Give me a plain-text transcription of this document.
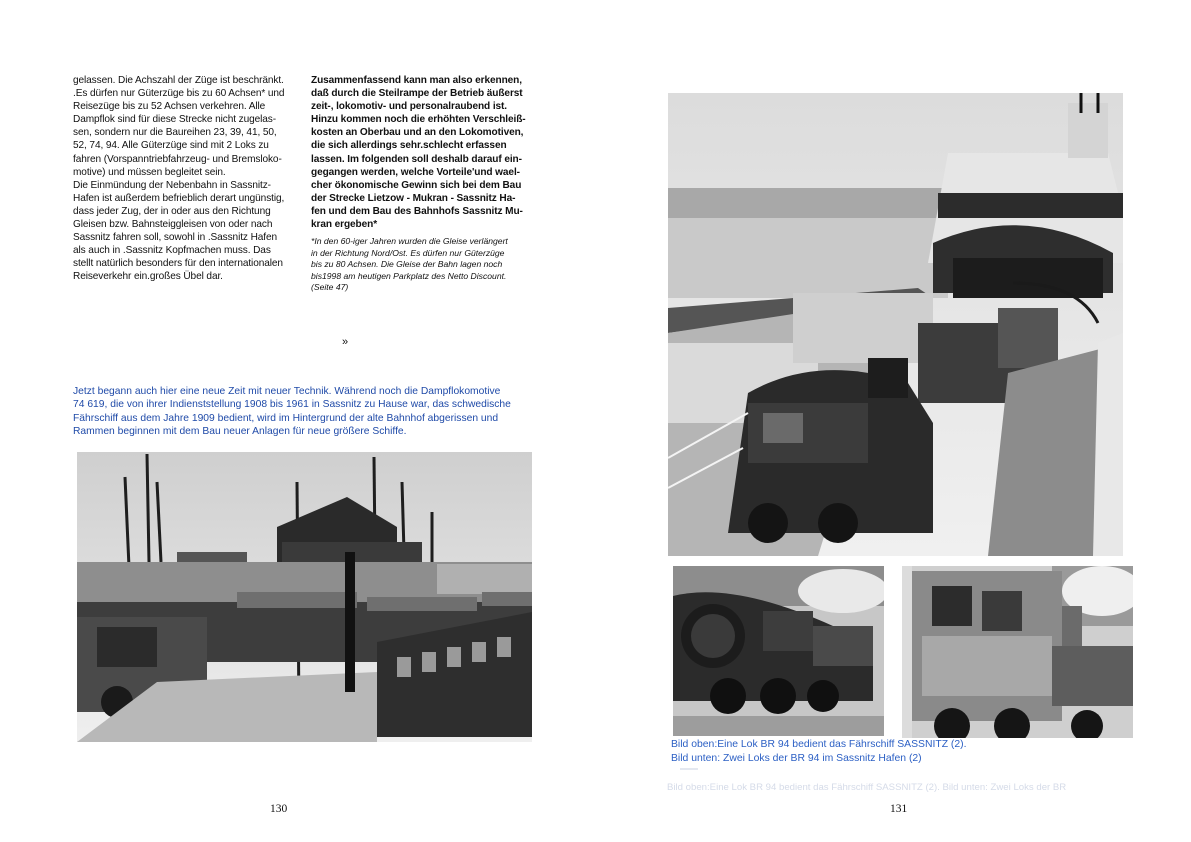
gelassen. Die Achszahl der Züge ist beschränkt.
.Es dürfen nur Güterzüge bis zu 60 Achsen* und
Reisezüge bis zu 52 Achsen verkehren. Alle
Dampflok sind für diese Strecke nicht zugelas-
sen, sondern nur die Baureihen 23, 39, 41, 50,
52, 74, 94. Alle Güterzüge sind mit 2 Loks zu
fahren (Vorspanntriebfahrzeug- und Bremsloko-
motive) und müssen begleitet sein.
Die Einmündung der Nebenbahn in Sassnitz-
Hafen ist außerdem befrieblich derart ungünstig,
dass jeder Zug, der in oder aus den Richtung
Gleisen bzw. Bahnsteiggleisen von oder nach
Sassnitz fahren soll, sowohl in .Sassnitz Hafen
als auch in .Sassnitz Kopfmachen muss. Das
stellt natürlich besonders für den internationalen
Reiseverkehr ein.großes Übel dar.
Zusammenfassend kann man also erkennen,
daß durch die Steilrampe der Betrieb äußerst
zeit-, lokomotiv- und personalraubend ist.
Hinzu kommen noch die erhöhten Verschleiß-
kosten an Oberbau und an den Lokomotiven,
die sich allerdings sehr.schlecht erfassen
lassen. Im folgenden soll deshalb darauf ein-
gegangen werden, welche Vorteile'und wael-
cher ökonomische Gewinn sich bei dem Bau
der Strecke Lietzow - Mukran - Sassnitz Ha-
fen und dem Bau des Bahnhofs Sassnitz Mu-
kran ergeben*
*In den 60-iger Jahren wurden die Gleise verlängert
in der Richtung Nord/Ost. Es dürfen nur Güterzüge
bis zu 80 Achsen. Die Gleise der Bahn lagen noch
bis1998 am heutigen Parkplatz des Netto Discount.
(Seite 47)
»
Jetzt begann auch hier eine neue Zeit mit neuer Technik. Während noch die Dampflokomotive
74 619, die von ihrer Indienststellung 1908 bis 1961 in Sassnitz zu Hause war, das schwedische
Fährschiff aus dem Jahre 1909 bedient, wird im Hintergrund der alte Bahnhof abgerissen und
Rammen beginnen mit dem Bau neuer Anlagen für neue größere Schiffe.
130
Bild oben:Eine Lok BR 94 bedient das Fährschiff SASSNITZ (2).
Bild unten: Zwei Loks der BR 94 im Sassnitz Hafen (2)
Bild oben:Eine Lok BR 94 bedient das Fährschiff SASSNITZ (2). Bild unten: Zwei Loks der BR
131
